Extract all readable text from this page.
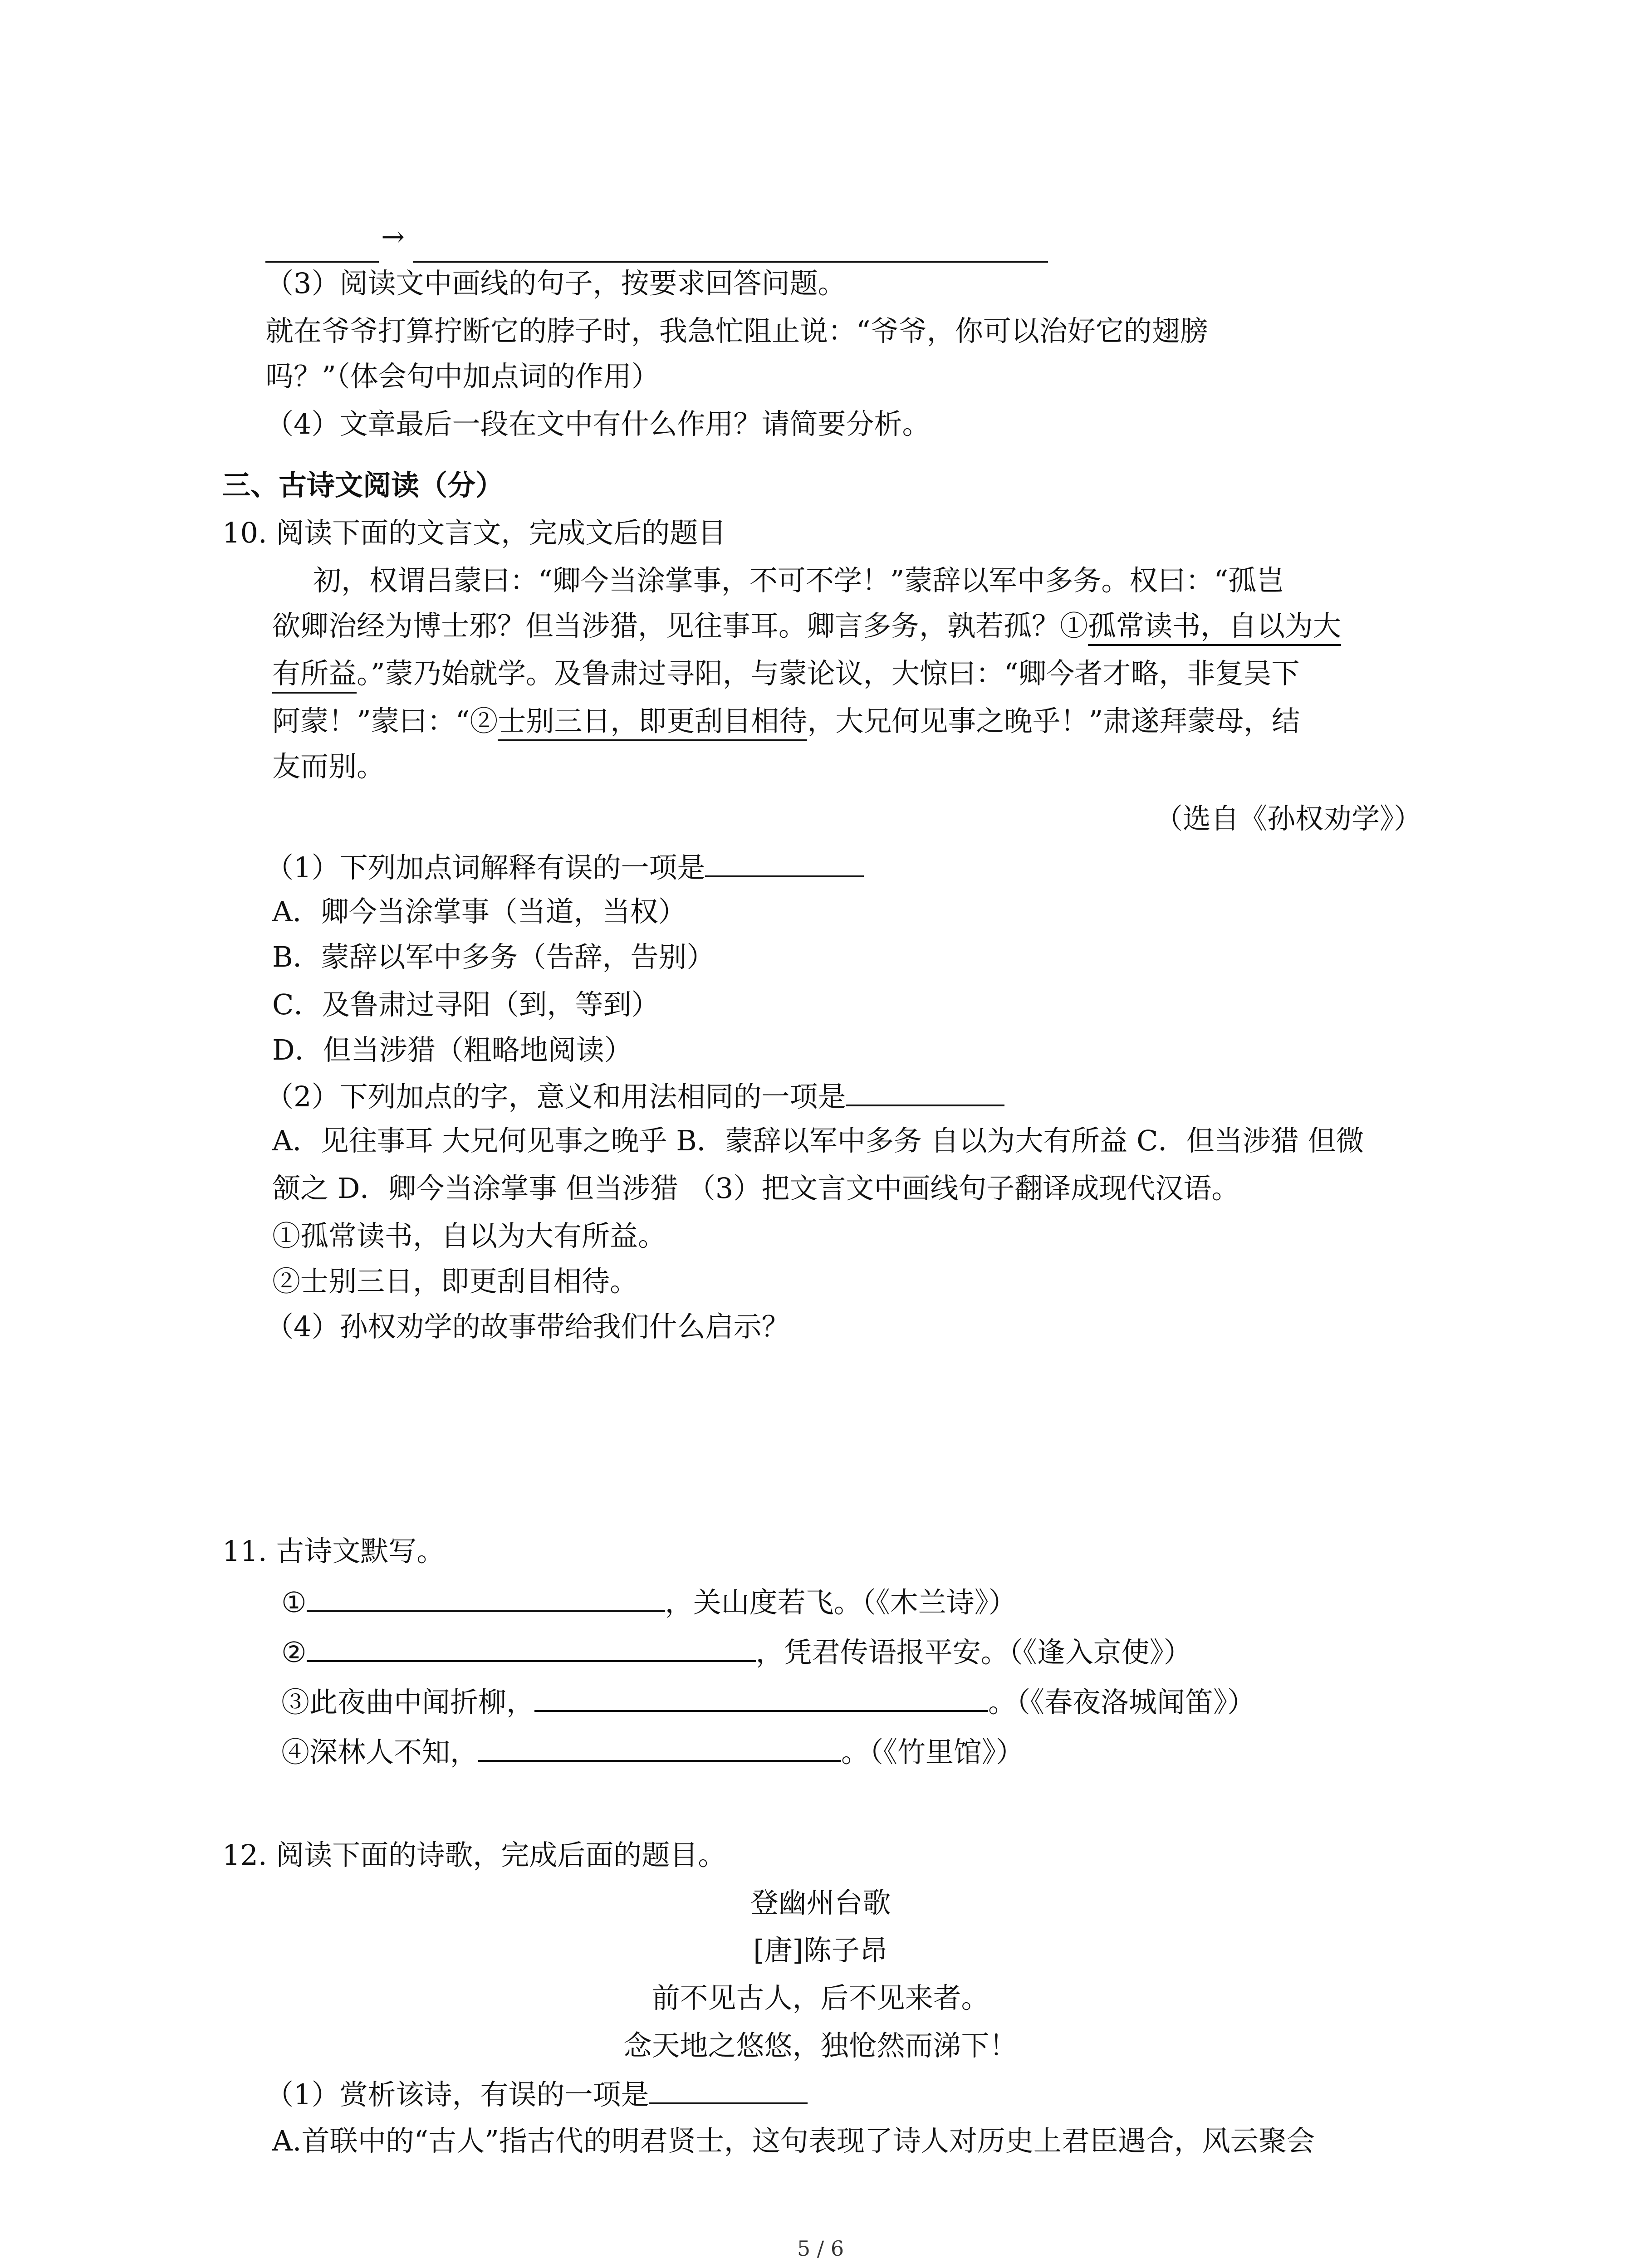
→
（3）阅读文中画线的句子，按要求回答问题。
就在爷爷打算拧断它的脖子时，我急忙阻止说：“爷爷，你可以治好它的翅膀
吗？”（体会句中加点词的作用）
（4）文章最后一段在文中有什么作用？请简要分析。
三、古诗文阅读（分）
10. 阅读下面的文言文，完成文后的题目
初，权谓吕蒙曰：“卿今当涂掌事，不可不学！”蒙辞以军中多务。权曰：“孤岂
欲卿治经为博士邪？但当涉猎，见往事耳。卿言多务，孰若孤？①孤常读书，自以为大
有所益。”蒙乃始就学。及鲁肃过寻阳，与蒙论议，大惊曰：“卿今者才略，非复吴下
阿蒙！”蒙曰：“②士别三日，即更刮目相待，大兄何见事之晚乎！”肃遂拜蒙母，结
友而别。
（选自《孙权劝学》）
（1）下列加点词解释有误的一项是
A．卿今当涂掌事（当道，当权）
B．蒙辞以军中多务（告辞，告别）
C．及鲁肃过寻阳（到，等到）
D．但当涉猎（粗略地阅读）
（2）下列加点的字，意义和用法相同的一项是
A．见往事耳 大兄何见事之晚乎 B．蒙辞以军中多务 自以为大有所益 C．但当涉猎 但微
颔之 D．卿今当涂掌事 但当涉猎 （3）把文言文中画线句子翻译成现代汉语。
①孤常读书，自以为大有所益。
②士别三日，即更刮目相待。
（4）孙权劝学的故事带给我们什么启示？
11. 古诗文默写。
①	，关山度若飞。（《木兰诗》）
②	，凭君传语报平安。（《逢入京使》）
③此夜曲中闻折柳，	。（《春夜洛城闻笛》）
④深林人不知，	。（《竹里馆》）
12. 阅读下面的诗歌，完成后面的题目。
登幽州台歌
[唐]陈子昂
前不见古人，后不见来者。
念天地之悠悠，独怆然而涕下！
（1）赏析该诗，有误的一项是
A.首联中的“古人”指古代的明君贤士，这句表现了诗人对历史上君臣遇合，风云聚会
5 / 6
